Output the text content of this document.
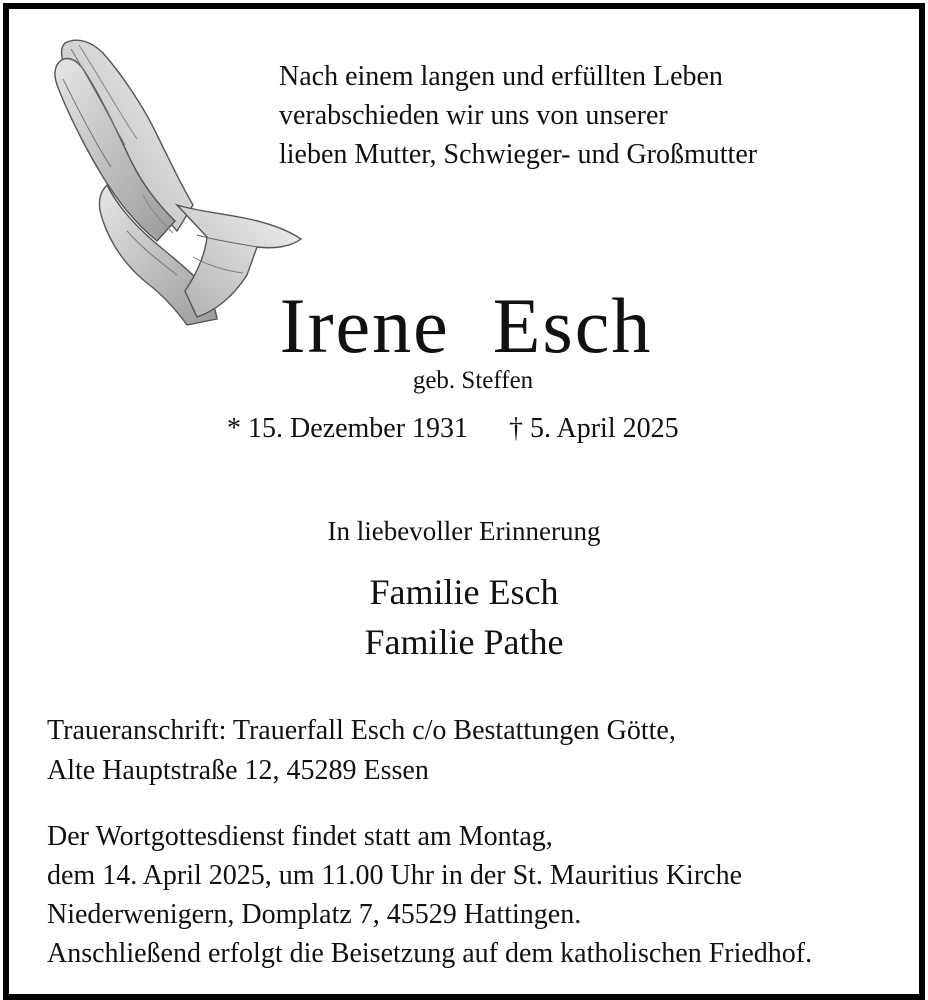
Nach einem langen und erfüllten Leben
verabschieden wir uns von unserer
lieben Mutter, Schwieger- und Großmutter
Irene  Esch
geb. Steffen
* 15. Dezember 1931 † 5. April 2025
In liebevoller Erinnerung
Familie Esch
Familie Pathe
Traueranschrift: Trauerfall Esch c/o Bestattungen Götte,
Alte Hauptstraße 12, 45289 Essen
Der Wortgottesdienst findet statt am Montag,
dem 14. April 2025, um 11.00 Uhr in der St. Mauritius Kirche
Niederwenigern, Domplatz 7, 45529 Hattingen.
Anschließend erfolgt die Beisetzung auf dem katholischen Friedhof.
